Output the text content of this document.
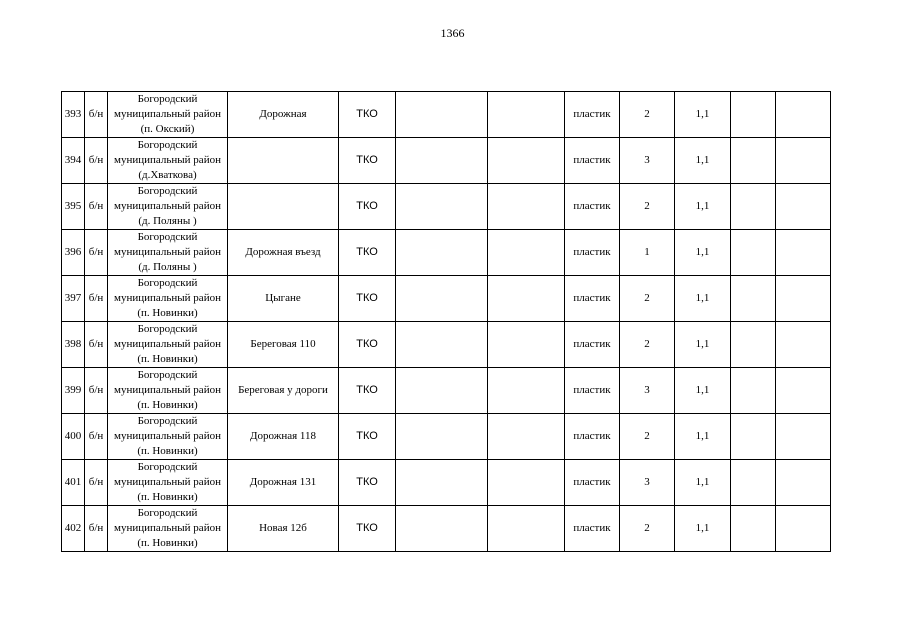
1366
393	б/н	Богородский
муниципальный район
(п. Окский)	Дорожная	ТКО			пластик	2	1,1		
394	б/н	Богородский
муниципальный район
(д.Хваткова)		ТКО			пластик	3	1,1		
395	б/н	Богородский
муниципальный район
(д. Поляны )		ТКО			пластик	2	1,1		
396	б/н	Богородский
муниципальный район
(д. Поляны )	Дорожная въезд	ТКО			пластик	1	1,1		
397	б/н	Богородский
муниципальный район
(п. Новинки)	Цыгане	ТКО			пластик	2	1,1		
398	б/н	Богородский
муниципальный район
(п. Новинки)	Береговая 110	ТКО			пластик	2	1,1		
399	б/н	Богородский
муниципальный район
(п. Новинки)	Береговая у дороги	ТКО			пластик	3	1,1		
400	б/н	Богородский
муниципальный район
(п. Новинки)	Дорожная 118	ТКО			пластик	2	1,1		
401	б/н	Богородский
муниципальный район
(п. Новинки)	Дорожная 131	ТКО			пластик	3	1,1		
402	б/н	Богородский
муниципальный район
(п. Новинки)	Новая 12б	ТКО			пластик	2	1,1		
